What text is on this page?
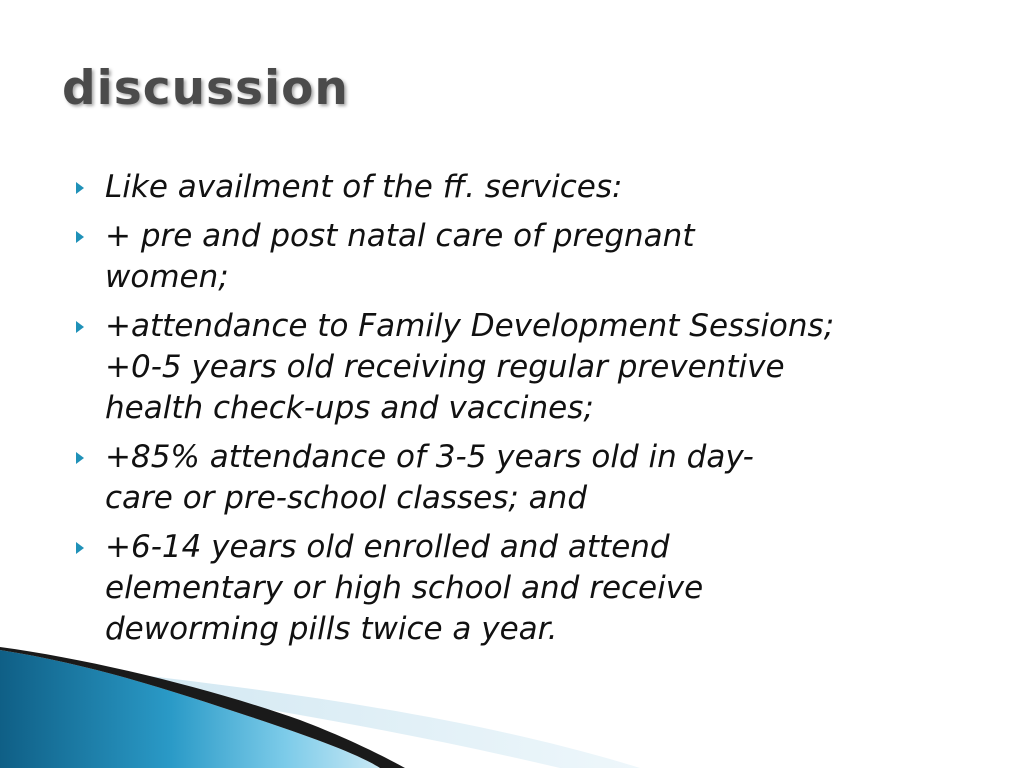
discussion
Like availment of the ff. services:
+ pre and post natal care of pregnant
women;
+attendance to Family Development Sessions;
+0-5 years old receiving regular preventive
health check-ups and vaccines;
+85% attendance of 3-5 years old in day-
care or pre-school classes; and
+6-14 years old enrolled and attend
elementary or high school and receive
deworming pills twice a year.
